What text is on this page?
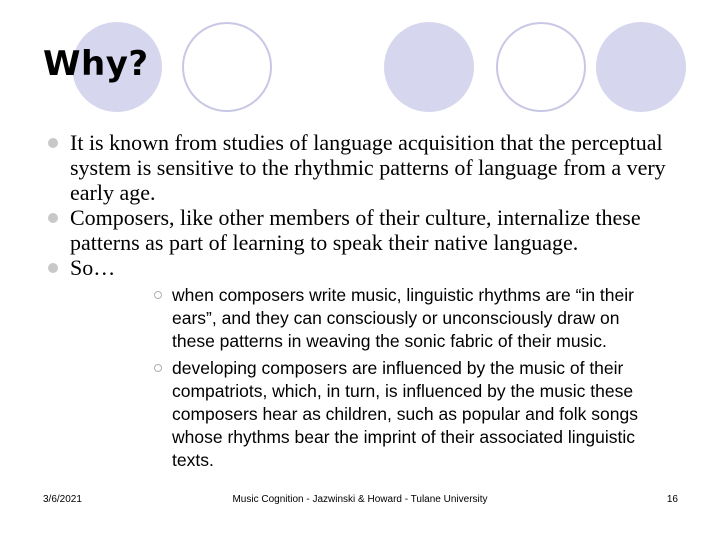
Why?
It is known from studies of language acquisition that the perceptual system is sensitive to the rhythmic patterns of language from a very early age.
Composers, like other members of their culture, internalize these patterns as part of learning to speak their native language.
So…
when composers write music, linguistic rhythms are “in their ears”, and they can consciously or unconsciously draw on these patterns in weaving the sonic fabric of their music.
developing composers are influenced by the music of their compatriots, which, in turn, is influenced by the music these composers hear as children, such as popular and folk songs whose rhythms bear the imprint of their associated linguistic texts.
3/6/2021	Music Cognition - Jazwinski & Howard - Tulane University	16
